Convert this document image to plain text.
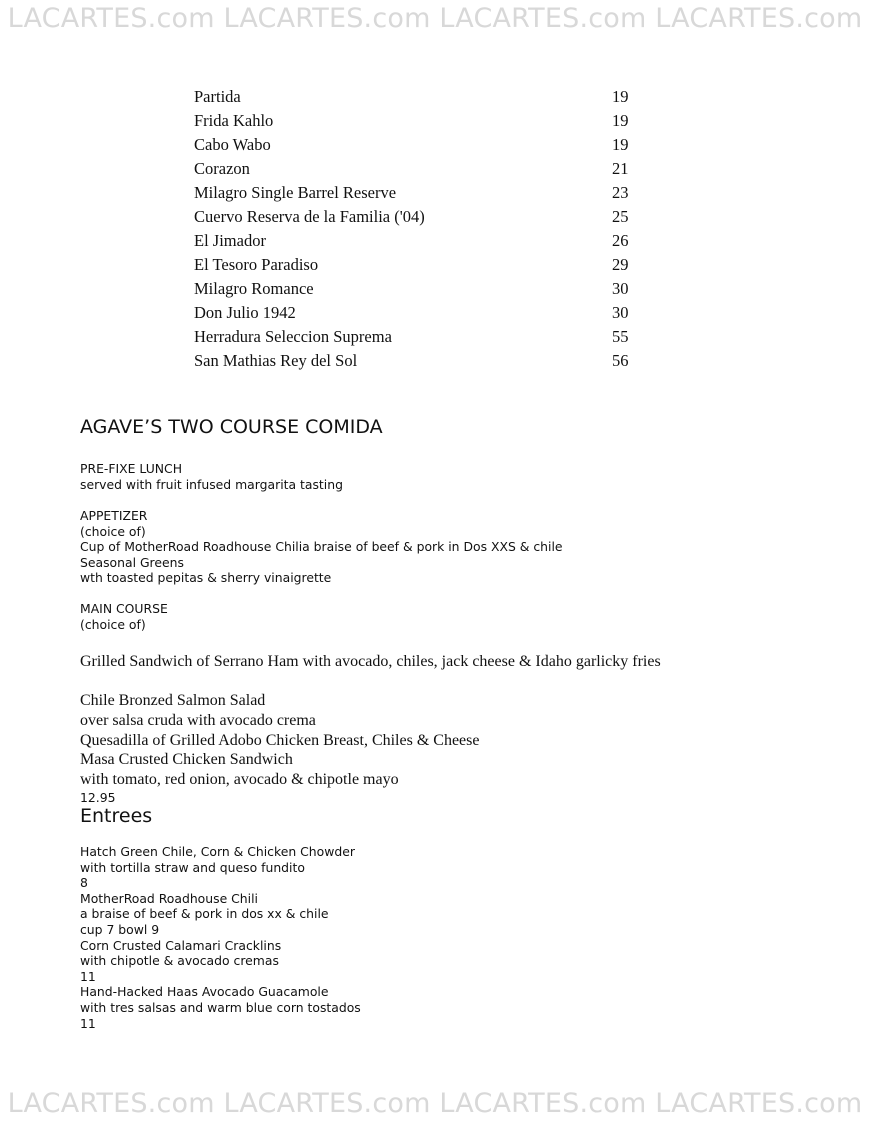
LACARTES.com LACARTES.com LACARTES.com LACARTES.com
Partida	19
Frida Kahlo	19
Cabo Wabo	19
Corazon	21
Milagro Single Barrel Reserve	23
Cuervo Reserva de la Familia ('04)	25
El Jimador	26
El Tesoro Paradiso	29
Milagro Romance	30
Don Julio 1942	30
Herradura Seleccion Suprema	55
San Mathias Rey del Sol	56
AGAVE’S TWO COURSE COMIDA
PRE-FIXE LUNCH
served with fruit infused margarita tasting
APPETIZER
(choice of)
Cup of MotherRoad Roadhouse Chilia braise of beef & pork in Dos XXS & chile
Seasonal Greens
wth toasted pepitas & sherry vinaigrette
MAIN COURSE
(choice of)
Grilled Sandwich of Serrano Ham with avocado, chiles, jack cheese & Idaho garlicky fries
Chile Bronzed Salmon Salad
over salsa cruda with avocado crema
Quesadilla of Grilled Adobo Chicken Breast, Chiles & Cheese
Masa Crusted Chicken Sandwich
with tomato, red onion, avocado & chipotle mayo
12.95
Entrees
Hatch Green Chile, Corn & Chicken Chowder
with tortilla straw and queso fundito
8
MotherRoad Roadhouse Chili
a braise of beef & pork in dos xx & chile
cup 7 bowl 9
Corn Crusted Calamari Cracklins
with chipotle & avocado cremas
11
Hand-Hacked Haas Avocado Guacamole
with tres salsas and warm blue corn tostados
11
LACARTES.com LACARTES.com LACARTES.com LACARTES.com
